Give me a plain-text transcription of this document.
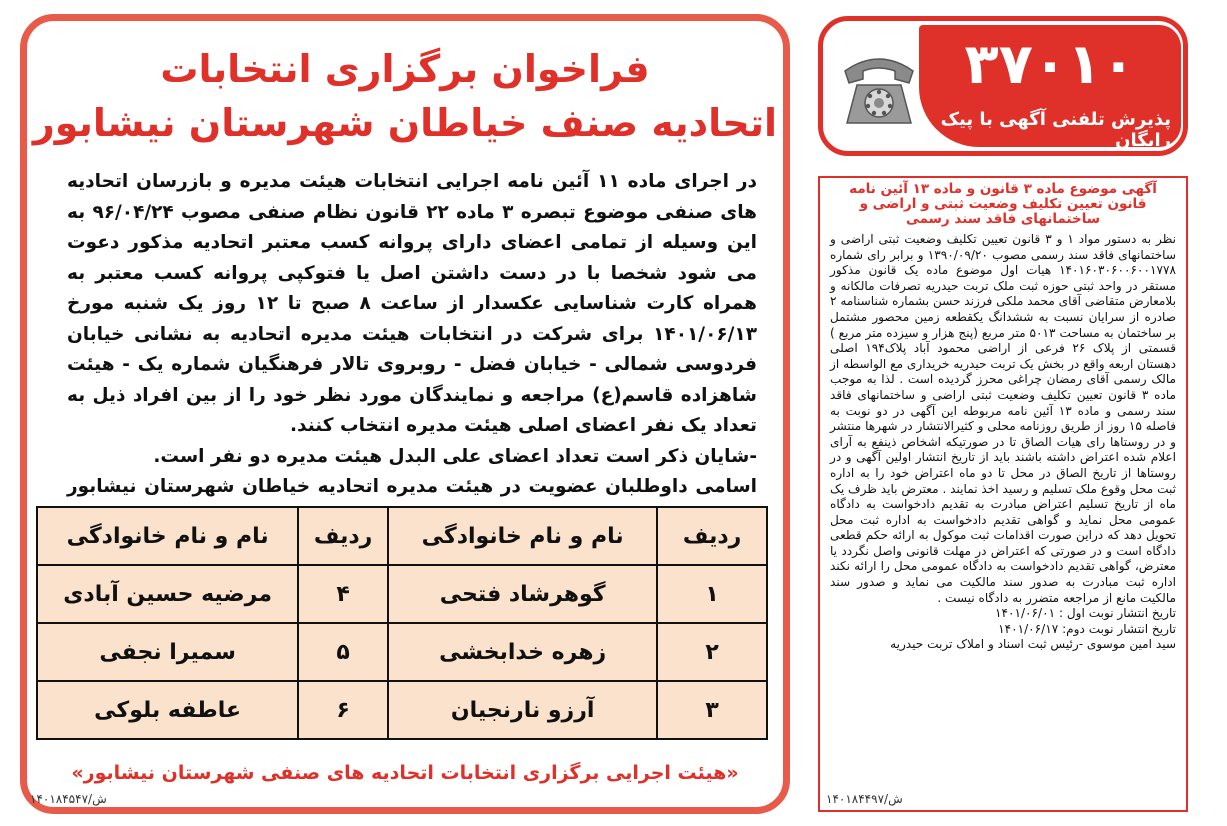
فراخوان برگزاری انتخابات
اتحادیه صنف خیاطان شهرستان نیشابور

در اجرای ماده ۱۱ آئین نامه اجرایی انتخابات هیئت مدیره و بازرسان اتحادیه های صنفی موضوع تبصره ۳ ماده ۲۲ قانون نظام صنفی مصوب ۹۶/۰۴/۲۴ به این وسیله از تمامی اعضای دارای پروانه کسب معتبر اتحادیه مذکور دعوت می شود شخصا با در دست داشتن اصل یا فتوکپی پروانه کسب معتبر به همراه کارت شناسایی عکسدار از ساعت ۸ صبح تا ۱۲ روز یک شنبه مورخ ۱۴۰۱/۰۶/۱۳ برای شرکت در انتخابات هیئت مدیره اتحادیه به نشانی خیابان فردوسی شمالی - خیابان فضل - روبروی تالار فرهنگیان شماره یک - هیئت شاهزاده قاسم(ع) مراجعه و نمایندگان مورد نظر خود را از بین افراد ذیل به تعداد یک نفر اعضای اصلی هیئت مدیره انتخاب کنند.

-شایان ذکر است تعداد اعضای علی البدل هیئت مدیره دو نفر است.

اسامی داوطلبان عضویت در هیئت مدیره اتحادیه خیاطان شهرستان نیشابور

ردیف	نام و نام خانوادگی	ردیف	نام و نام خانوادگی
۱	گوهرشاد فتحی	۴	مرضیه حسین آبادی
۲	زهره خدابخشی	۵	سمیرا نجفی
۳	آرزو نارنجیان	۶	عاطفه بلوکی
«هیئت اجرایی برگزاری انتخابات اتحادیه های صنفی شهرستان نیشابور»
۱۴۰۱۸۴۵۴۷/ش
۳۷۰۱۰
پذیرش تلفنی آگهی با پیک رایگان
آگهی موضوع ماده ۳ قانون و ماده ۱۳ آئین نامه قانون تعیین تکلیف وضعیت ثبتی و اراضی و ساختمانهای فاقد سند رسمی

نظر به دستور مواد ۱ و ۳ قانون تعیین تکلیف وضعیت ثبتی اراضی و ساختمانهای فاقد سند رسمی مصوب ۱۳۹۰/۰۹/۲۰ و برابر رای شماره ۱۴۰۱۶۰۳۰۶۰۰۶۰۰۱۷۷۸ هیات اول موضوع ماده یک قانون مذکور مستقر در واحد ثبتی حوزه ثبت ملک تربت حیدریه تصرفات مالکانه و بلامعارض متقاضی آقای محمد ملکی فرزند حسن بشماره شناسنامه ۲ صادره از سرایان نسبت به ششدانگ یکقطعه زمین محصور مشتمل بر ساختمان به مساحت ۵۰۱۳ متر مربع (پنج هزار و سیزده متر مربع ) قسمتی از پلاک ۲۶ فرعی از اراضی محمود آباد پلاک۱۹۴ اصلی دهستان اربعه واقع در بخش یک تربت حیدریه خریداری مع الواسطه از مالک رسمی آقای رمضان چراغی محرز گردیده است . لذا به موجب ماده ۳ قانون تعیین تکلیف وضعیت ثبتی اراضی و ساختمانهای فاقد سند رسمی و ماده ۱۳ آئین نامه مربوطه این آگهی در دو نوبت به فاصله ۱۵ روز از طریق روزنامه محلی و کثیرالانتشار در شهرها منتشر و در روستاها رای هیات الصاق تا در صورتیکه اشخاص ذینفع به آرای اعلام شده اعتراض داشته باشند باید از تاریخ انتشار اولین آگهی و در روستاها از تاریخ الصاق در محل تا دو ماه اعتراض خود را به اداره ثبت محل وقوع ملک تسلیم و رسید اخذ نمایند . معترض باید ظرف یک ماه از تاریخ تسلیم اعتراض مبادرت به تقدیم دادخواست به دادگاه عمومی محل نماید و گواهی تقدیم دادخواست به اداره ثبت محل تحویل دهد که دراین صورت اقدامات ثبت موکول به ارائه حکم قطعی دادگاه است و در صورتی که اعتراض در مهلت قانونی واصل نگردد یا معترض، گواهی تقدیم دادخواست به دادگاه عمومی محل را ارائه نکند اداره ثبت مبادرت به صدور سند مالکیت می نماید و صدور سند مالکیت مانع از مراجعه متضرر به دادگاه نیست .

تاریخ انتشار نوبت اول : ۱۴۰۱/۰۶/۰۱

تاریخ انتشار نوبت دوم: ۱۴۰۱/۰۶/۱۷

سید امین موسوی -رئیس ثبت اسناد و املاک تربت حیدریه

۱۴۰۱۸۴۴۹۷/ش
